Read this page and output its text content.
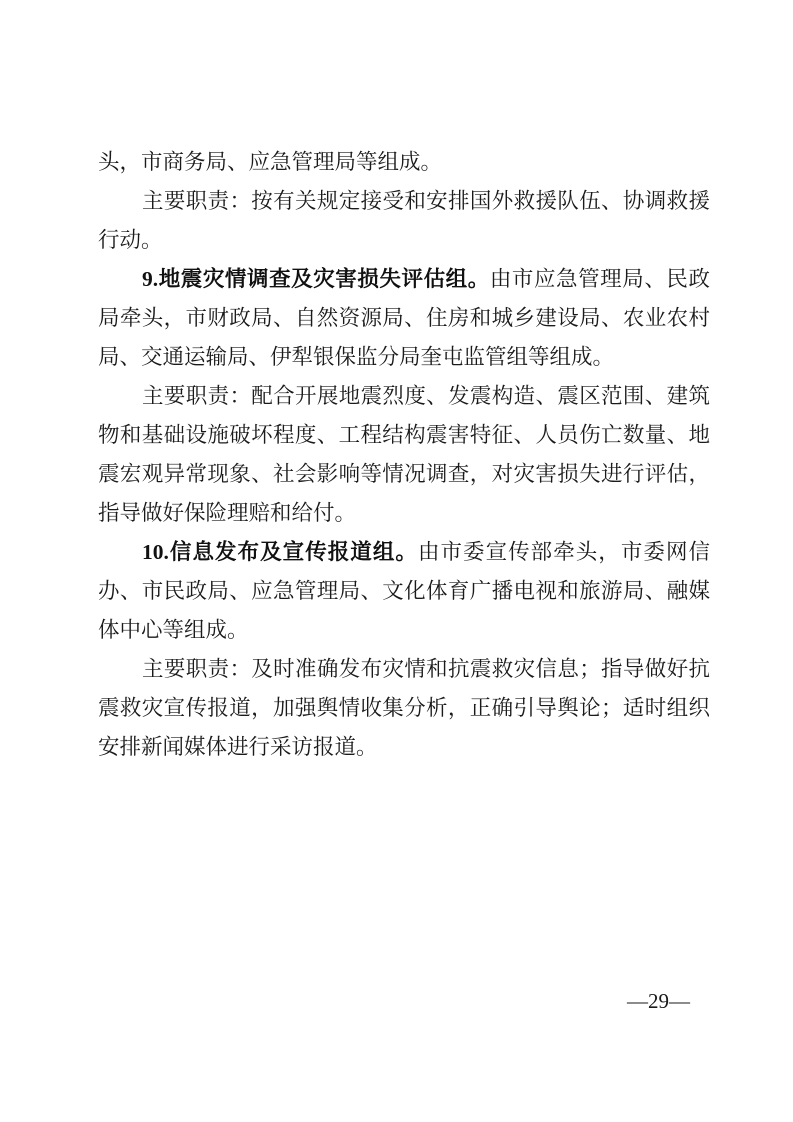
头，市商务局、应急管理局等组成。
主要职责：按有关规定接受和安排国外救援队伍、协调救援
行动。
9.地震灾情调查及灾害损失评估组。由市应急管理局、民政
局牵头，市财政局、自然资源局、住房和城乡建设局、农业农村
局、交通运输局、伊犁银保监分局奎屯监管组等组成。
主要职责：配合开展地震烈度、发震构造、震区范围、建筑
物和基础设施破坏程度、工程结构震害特征、人员伤亡数量、地
震宏观异常现象、社会影响等情况调查，对灾害损失进行评估，
指导做好保险理赔和给付。
10.信息发布及宣传报道组。由市委宣传部牵头，市委网信
办、市民政局、应急管理局、文化体育广播电视和旅游局、融媒
体中心等组成。
主要职责：及时准确发布灾情和抗震救灾信息；指导做好抗
震救灾宣传报道，加强舆情收集分析，正确引导舆论；适时组织
安排新闻媒体进行采访报道。
—29—
